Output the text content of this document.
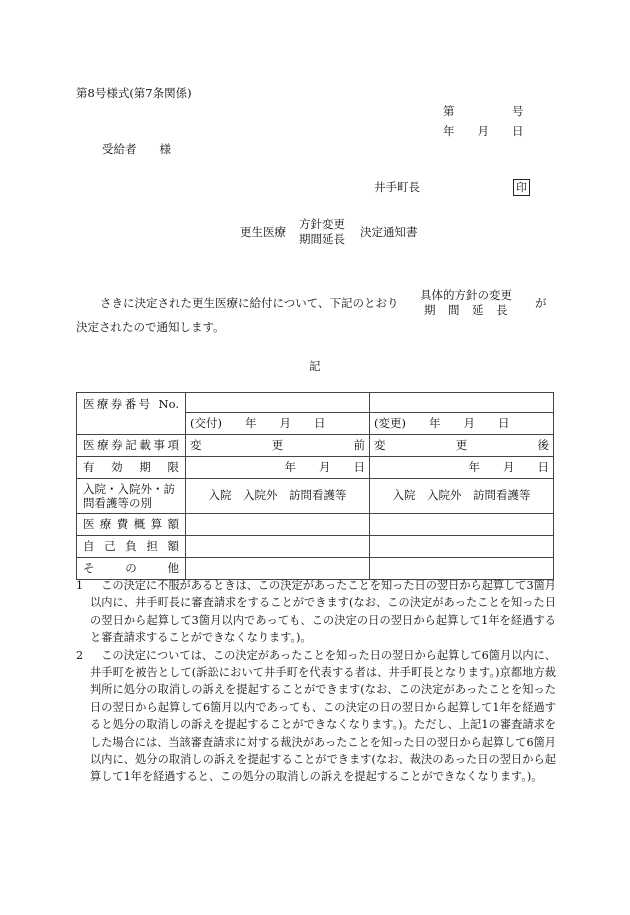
第8号様式(第7条関係)
第　　　　　号
年　　月　　日
受給者　　様
井手町長	印
更生医療
方針変更
期間延長 決定通知書
さきに決定された更生医療に給付について、下記のとおり
具体的方針の変更
期　間　延　長	が
決定されたので通知します。
記
医療券番号 No.		
	(交付)　　年　　月　　日	(変更)　　年　　月　　日
医療券記載事項	変 更 前	変 更 後

有効期限	年　　月　　日	年　　月　　日
入院・入院外・訪問看護等の別	入院　入院外　訪問看護等	入院　入院外　訪問看護等
医療費概算額		
自己負担額		

そ の 他		

1	この決定に不服があるときは、この決定があったことを知った日の翌日から起算して3箇月以内に、井手町長に審査請求をすることができます(なお、この決定があったことを知った日の翌日から起算して3箇月以内であっても、この決定の日の翌日から起算して1年を経過すると審査請求することができなくなります。)。

2	この決定については、この決定があったことを知った日の翌日から起算して6箇月以内に、井手町を被告として(訴訟において井手町を代表する者は、井手町長となります。)京都地方裁判所に処分の取消しの訴えを提起することができます(なお、この決定があったことを知った日の翌日から起算して6箇月以内であっても、この決定の日の翌日から起算して1年を経過すると処分の取消しの訴えを提起することができなくなります。)。ただし、上記1の審査請求をした場合には、当該審査請求に対する裁決があったことを知った日の翌日から起算して6箇月以内に、処分の取消しの訴えを提起することができます(なお、裁決のあった日の翌日から起算して1年を経過すると、この処分の取消しの訴えを提起することができなくなります。)。
